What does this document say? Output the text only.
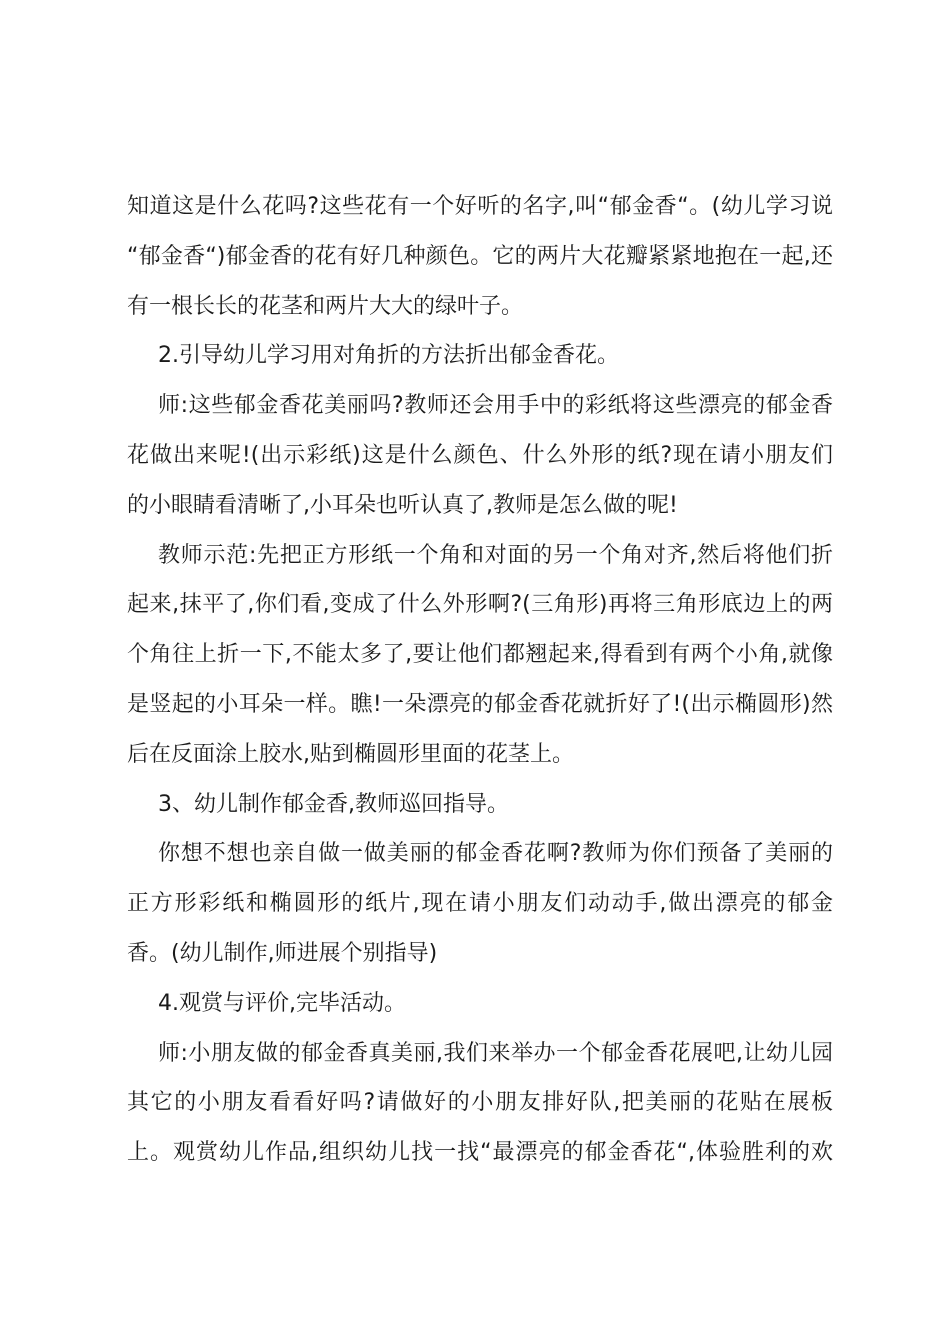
知道这是什么花吗?这些花有一个好听的名字,叫“郁金香“。(幼儿学习说
“郁金香“)郁金香的花有好几种颜色。它的两片大花瓣紧紧地抱在一起,还
有一根长长的花茎和两片大大的绿叶子。
2.引导幼儿学习用对角折的方法折出郁金香花。
师:这些郁金香花美丽吗?教师还会用手中的彩纸将这些漂亮的郁金香
花做出来呢!(出示彩纸)这是什么颜色、什么外形的纸?现在请小朋友们
的小眼睛看清晰了,小耳朵也听认真了,教师是怎么做的呢!
教师示范:先把正方形纸一个角和对面的另一个角对齐,然后将他们折
起来,抹平了,你们看,变成了什么外形啊?(三角形)再将三角形底边上的两
个角往上折一下,不能太多了,要让他们都翘起来,得看到有两个小角,就像
是竖起的小耳朵一样。瞧!一朵漂亮的郁金香花就折好了!(出示椭圆形)然
后在反面涂上胶水,贴到椭圆形里面的花茎上。
3、幼儿制作郁金香,教师巡回指导。
你想不想也亲自做一做美丽的郁金香花啊?教师为你们预备了美丽的
正方形彩纸和椭圆形的纸片,现在请小朋友们动动手,做出漂亮的郁金
香。(幼儿制作,师进展个别指导)
4.观赏与评价,完毕活动。
师:小朋友做的郁金香真美丽,我们来举办一个郁金香花展吧,让幼儿园
其它的小朋友看看好吗?请做好的小朋友排好队,把美丽的花贴在展板
上。观赏幼儿作品,组织幼儿找一找“最漂亮的郁金香花“,体验胜利的欢
